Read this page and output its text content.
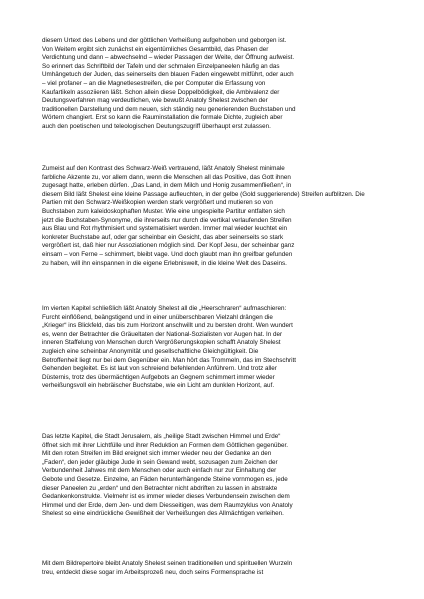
diesem Urtext des Lebens und der göttlichen Verheißung aufgehoben und geborgen ist.
Von Weitem ergibt sich zunächst ein eigentümliches Gesamtbild, das Phasen der
Verdichtung und dann – abwechselnd – wieder Passagen der Weite, der Öffnung aufweist.
So erinnert das Schriftbild der Tafeln und der schmalen Einzelpaneelen häufig an das
Umhängetuch der Juden, das seinerseits den blauen Faden eingewebt mitführt, oder auch
– viel profaner – an die Magnetlesestreifen, die per Computer die Erfassung von
Kaufartikeln assoziieren läßt. Schon allein diese Doppelbödigkeit, die Ambivalenz der
Deutungsverfahren mag verdeutlichen, wie bewußt Anatoly Shelest zwischen der
traditionellen Darstellung und dem neuen, sich ständig neu generierenden Buchstaben und
Wörtern changiert. Erst so kann die Rauminstallation die formale Dichte, zugleich aber
auch den poetischen und teleologischen Deutungszugriff überhaupt erst zulassen.

Zumeist auf den Kontrast des Schwarz-Weiß vertrauend, läßt Anatoly Shelest minimale
farbliche Akzente zu, vor allem dann, wenn die Menschen all das Positive, das Gott ihnen
zugesagt hatte, erleben dürfen. „Das Land, in dem Milch und Honig zusammenfließen“, in
diesem Bild läßt Shelest eine kleine Passage aufleuchten, in der gelbe (Gold suggerierende) Streifen aufblitzen. Die
Partien mit den Schwarz-Weißkopien werden stark vergrößert und mutieren so von
Buchstaben zum kaleidoskophaften Muster. Wie eine ungespielte Partitur entfalten sich
jetzt die Buchstaben-Synonyme, die ihrerseits nur durch die vertikal verlaufenden Streifen
aus Blau und Rot rhythmisiert und systematisiert werden. Immer mal wieder leuchtet ein
konkreter Buchstabe auf, oder gar scheinbar ein Gesicht, das aber seinerseits so stark
vergrößert ist, daß hier nur Assoziationen möglich sind. Der Kopf Jesu, der scheinbar ganz
einsam – von Ferne – schimmert, bleibt vage. Und doch glaubt man ihn greifbar gefunden
zu haben, will ihn einspannen in die eigene Erlebniswelt, in die kleine Welt des Daseins.

Im vierten Kapitel schließlich läßt Anatoly Shelest all die „Heerschraren“ aufmaschieren:
Furcht einflößend, beängstigend und in einer unüberschbaren Vielzahl drängen die
„Krieger“ ins Blickfeld, das bis zum Horizont anschwillt und zu bersten droht. Wen wundert
es, wenn der Betrachter die Gräueltaten der National-Sozialisten vor Augen hat. In der
inneren Staffelung von Menschen durch Vergrößerungskopien schafft Anatoly Shelest
zugleich eine scheinbar Anonymität und gesellschaftliche Gleichgültigkeit. Die
Betroffenheit liegt nur bei dem Gegenüber ein. Man hört das Trommeln, das im Stechschritt
Gehenden begleitet. Es ist laut von schreiend befehlenden Anführern. Und trotz aller
Düsternis, trotz des übermächtigen Aufgebots an Gegnern schimmert immer wieder
verheißungsvoll ein hebräischer Buchstabe, wie ein Licht am dunklen Horizont, auf.

Das letzte Kapitel, die Stadt Jerusalem, als „heilige Stadt zwischen Himmel und Erde“
öffnet sich mit ihrer Lichtfülle und ihrer Reduktion an Formen dem Göttlichen gegenüber.
Mit den roten Streifen im Bild ereignet sich immer wieder neu der Gedanke an den
„Faden“, den jeder gläubige Jude in sein Gewand webt, sozusagen zum Zeichen der
Verbundenheit Jahwes mit dem Menschen oder auch einfach nur zur Einhaltung der
Gebote und Gesetze. Einzelne, an Fäden herunterhängende Steine vornmogen es, jede
dieser Paneelen zu „erden“ und den Betrachter nicht abdriften zu lassen in abstrakte
Gedankenkonstrukte. Vielmehr ist es immer wieder dieses Verbundensein zwischen dem
Himmel und der Erde, dem Jen- und dem Diesseitigen, was dem Raumzyklus von Anatoly
Shelest so eine eindrückliche Gewißheit der Verheißungen des Allmächtigen verleihen.

Mit dem Bildrepertoire bleibt Anatoly Shelest seinen traditionellen und spirituellen Wurzeln
treu, entdeckt diese sogar im Arbeitsprozeß neu, doch seins Formensprache ist
